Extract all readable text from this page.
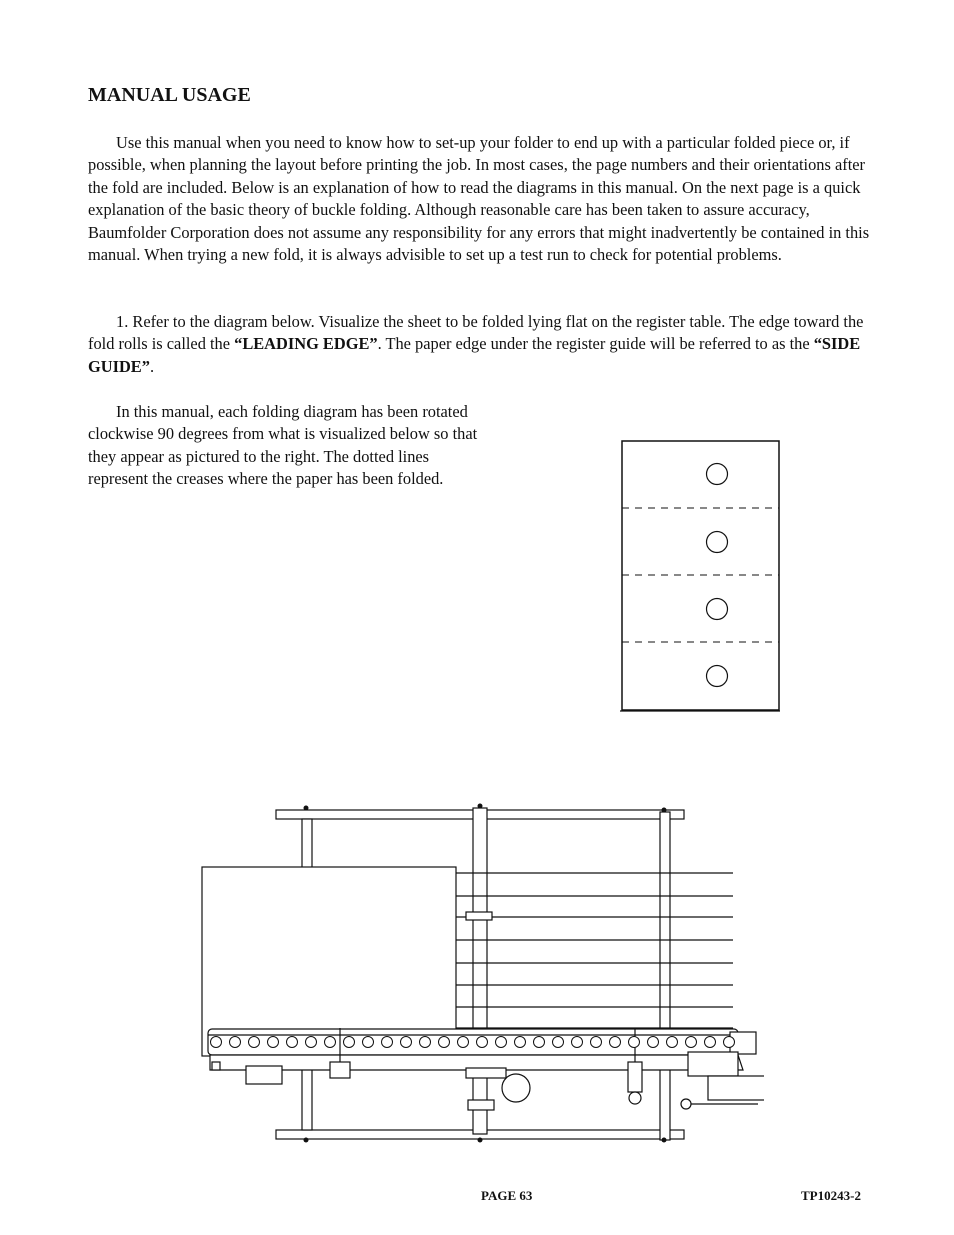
MANUAL USAGE

Use this manual when you need to know how to set-up your folder to end up with a particular folded piece or, if possible, when planning the layout before printing the job. In most cases, the page numbers and their orientations after the fold are included. Below is an explanation of how to read the diagrams in this manual. On the next page is a quick explanation of the basic theory of buckle folding. Although reasonable care has been taken to assure accuracy, Baumfolder Corporation does not assume any responsibility for any errors that might inadvertently be contained in this manual. When trying a new fold, it is always advisible to set up a test run to check for potential problems.

1. Refer to the diagram below. Visualize the sheet to be folded lying flat on the register table. The edge toward the fold rolls is called the “LEADING EDGE”. The paper edge under the register guide will be referred to as the “SIDE GUIDE”.

In this manual, each folding diagram has been rotated clockwise 90 degrees from what is visualized below so that they appear as pictured to the right. The dotted lines represent the creases where the paper has been folded.

PAGE 63	TP10243-2
